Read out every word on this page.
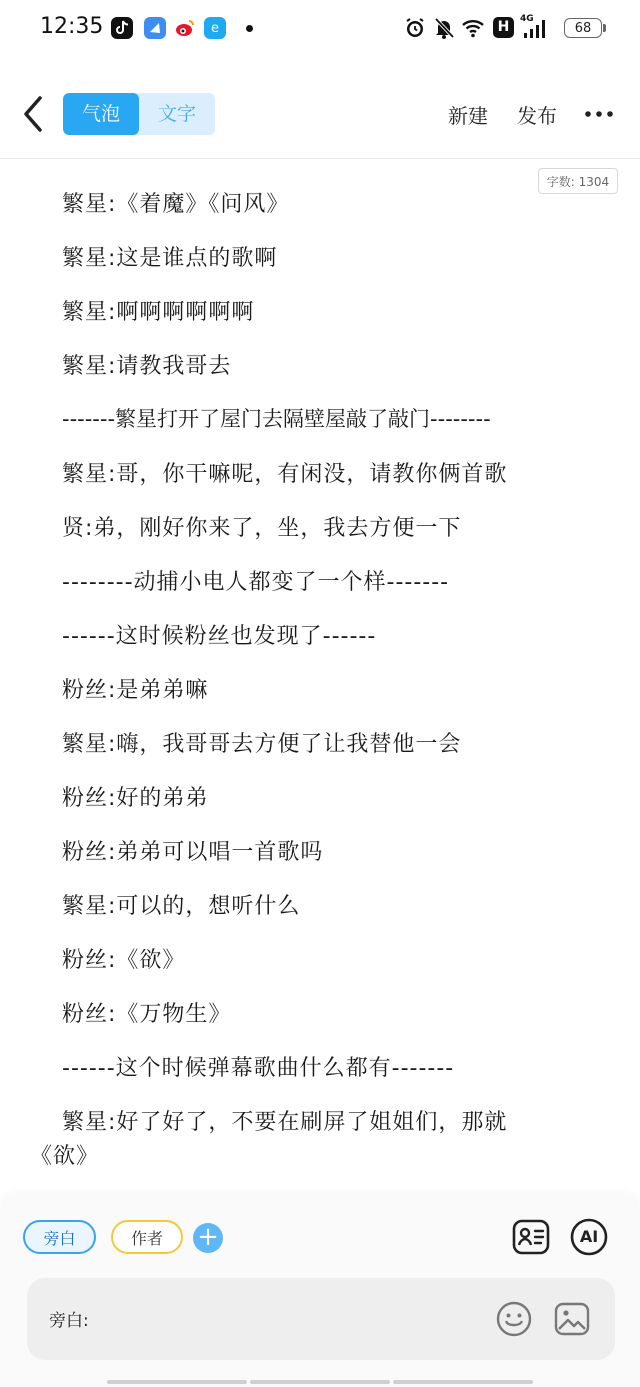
12:35	e	H	4G
68
气泡	文字	新建 发布
字数: 1304
繁星:《着魔》《问风》
繁星:这是谁点的歌啊
繁星:啊啊啊啊啊啊
繁星:请教我哥去
-------繁星打开了屋门去隔壁屋敲了敲门--------
繁星:哥，你干嘛呢，有闲没，请教你俩首歌
贤:弟，刚好你来了，坐，我去方便一下
--------动捕小电人都变了一个样-------
------这时候粉丝也发现了------
粉丝:是弟弟嘛
繁星:嗨，我哥哥去方便了让我替他一会
粉丝:好的弟弟
粉丝:弟弟可以唱一首歌吗
繁星:可以的，想听什么
粉丝:《欲》
粉丝:《万物生》
------这个时候弹幕歌曲什么都有-------
繁星:好了好了，不要在刷屏了姐姐们，那就
《欲》
旁白	作者	+	AI
旁白:
